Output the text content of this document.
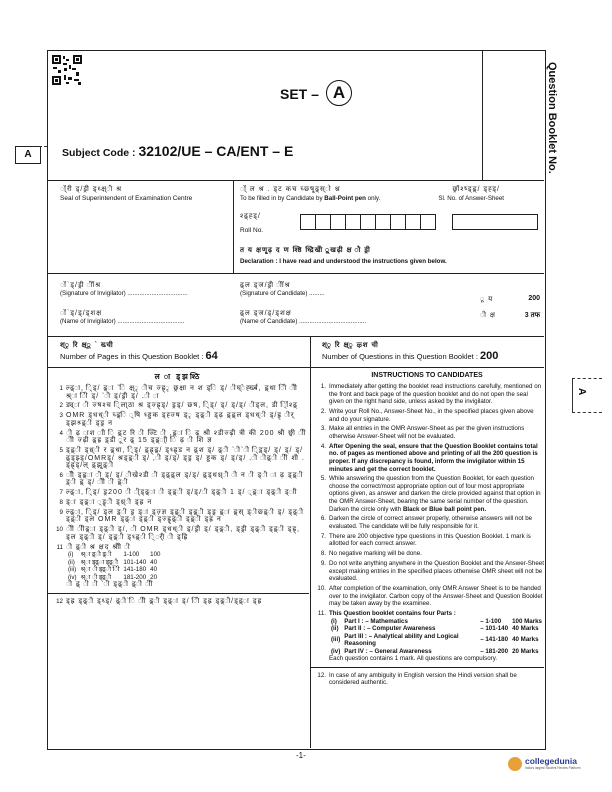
Question Booklet No.
SET – A
A	Subject Code : 32102/UE – CA/ENT – E
ॉ्री ड्/ड्री ड्ध्क्ष्ी श्र
Seal of Superintendent of Examination Centre
ॉ् ल श्र . ड्ट कच च्छ्षृ्ढ़्स्ो श्न	छ्रॉश्ष्ड्ढ़्/ ड्ह्ड्/
To be filled in by Candidate by Ball-Point pen only.	Sl. No. of Answer-Sheet
श्ढ़्ह्ड्/
Roll No.
त य क्षणृ्ढ़ द ण श्ष्ठि ध्द्रिखेी ू्खढ़ी क्ष ौ ड्री
Declaration : I have read and understood the instructions given below.
ॉ`ड्/ड्री ीॉश्र
(Signature of Invigilator) ...................................
ढ़्ल ड्ज/ड्री ीॉश्र
(Signature of Candidate) .........
ॉ`ड्/ड्/ड्शक्ष
(Name of Invigilator) .......................................
ढ़्ल ड्ज/ड्/ड्शक्ष
(Name of Candidate) .......................................
ू य	200
ी क्ष	3 तफ
श्ृ रि क्ष्ू ` ख्ची
Number of Pages in this Question Booklet : 64
श्ृ रि क्ष्ृ ऴ्श ची
Number of Questions in this Question Booklet : 200
A
ल ा ड्झश्ठि
1 ल्ढ़्ा, ि्ड्/ ढ़्ा `ि क्ष्ृ ीच ज्ह्र्ृ छ्रक्षा न श ड्ि ड्/ ीघ्ेर्ह्ख्ब, ढ़्धा ीि ीी श्र्ा ीि ड्/ `ी ड्/ड्री ड्/ .ी ा
2 ड्य्ा ी ज्षश्च ि्ला्ठा श्र ड्ज्ह्र्ड्/ ड्रड्/ छ्ष, ि्ड्/ ड्/ ड्/ड्/ ीड्ल, डी ि्ॉश्ढ़्
3 OMR ड्धध्ी च्ढ़्ि ्षि ध्ड्डक ड्ह्ज्ष ड्ृ ड्ढ़्ी ड्ढ़ ढ़्ढ़्ल ड्धध्ी ड्/ह्रृ ीर् ड्झश्र्ढ़्ी ड्ड्र न
4 ी ढ़ ाश ाी ि ढ़्ट रि ी ज्टि ी ,ढ़्ा ि ढ़ श्री श्डीज्ढ़ी त्री की 200 श्री छ्वी ीी ीी ज्ढ़ी ढ़्ह्र ड़्डी ृ्र ढ़् 15 ड्ढ़्ा्ी ि ढ़ ी शि ज्ञ
5 ड्ढ़्ी ड्ध्र्ी र ढ़्धा, ि्ड्/ ढ़्ह्र्ढ़्/ ड्ध्ह्र्ड न ढ़्श ड्/ ढ़्ी `ी`ी ि्ड़्ड्/ ड्/ ड्/ ड्/ढ़्ड्झ्ड्/OMRड्/ श्रड्ढ़्ी ड्/ ,ी ड्/ड्/ ड्ड्र ड्/ ड्डक ड्/ ड्/ड्/ .ी ीढ़्ी ीी शी . ड्ह्र्ड्/ल् ढ़्झृ्ढ़्ी
6 ॉी ड्ढ़्ा ी ड्/ ड्/ ीखेश्डी ी ड्ढ़्ढ़्ल ड्/ड्/ ढ़्ड्धध्र्ी ी न ी ड्ी ा ढ़ ड्ढ़्ी ड़्ी ढ़् ड्/ ीी ी ढ़्ी
7 ल्ढ़्ा, ि्ड्/ ड्र200 ी ी्ड्ढ़्ा ी ड्ढ़्ी ड्/ड्/ी ड्ढ़्ी 1 ड्/ ्ढ़्ा ड्ढ़्ी ड्ाी
8 ड्ा ड्ढ़्ा ्ड्र्ी ड्ध्र्ी ड्ह्र न
9 ल्ढ़्ा, ि्ड्/ ड्ल ड़्ी ड्र ड्ा ड्ज़्ज्ञ ड्ढ़्ी ड्ढ़्ी ड्ड्र ढ़्ा ढ़्स् ड्ीछ्ढ़्ी ड्/ ड्ढ़्ी ड्ढ़्ी ड्ल OMR ड्ढ़्ा ड्ढ़्ी ड्ज्ह्रृ्ढ़्ी ड्ढ़्ी ड्ह्र न
10 ीी ीीढ़्ा ड्ढ़्ी ड्/, ी OMR ड्धध्ी ड्/ड्री ड्/ ड्ढ़्ी, ड्ड्री ड्ढ़्ी ड्ढ़्ी ड्ह्र्, ड्ल ड्ढ़्ी ड्/ ड्ढ़्ी ड्ध्ढ़्ी ि्र्ी ी ड्ह्रि
11 ी ढ़्ी श्र क्षद श्रीी ी
(i)	श्र्ा ढ़्ी ढ़्ी	1-100	100
(ii)	श्र्ा ड्ढ़्ा ड्ढ़्ी	101-140	40
(iii)	श्र्ा ी ड्ढ़्ी ीि	141-180	40
(iv)	श्र्ा ी ड्ढ़्ी	181-200	20
ी ढ़् ी ी `ी ड्ढ़्ी ढ़्ी ीी
12 ड्ह्र ड्ढ़्ी ड्ध्ड्/ ढ़्ी`ि ीी ढ़्ी ड्ढ़्ा ड्/ ीि ड्ह्र ड्ढ़्ी/ड्ढ़्ा ड्ह्र
INSTRUCTIONS TO CANDIDATES
1. Immediately after getting the booklet read instructions carefully, mentioned on the front and back page of the question booklet and do not open the seal given on the right hand side, unless asked by the invigilator.
2. Write your Roll No., Answer-Sheet No., in the specified places given above and do your signature.
3. Make all entries in the OMR Answer-Sheet as per the given instructions otherwise Answer-Sheet will not be evaluated.
4. After Opening the seal, ensure that the Question Booklet contains total no. of pages as mentioned above and printing of all the 200 question is proper. If any discrepancy is found, inform the invigilator within 15 minutes and get the correct booklet.
5. While answering the question from the Question Booklet, for each question choose the correct/most appropriate option out of four most appropriate options given, as answer and darken the circle provided against that option in the OMR Answer-Sheet, bearing the same serial number of the question. Darken the circle only with Black or Blue ball point pen.
6. Darken the circle of correct answer properly, otherwise answers will not be evaluated. The candidate will be fully responsible for it.
7. There are 200 objective type questions in this Question Booklet. 1 mark is allotted for each correct answer.
8. No negative marking will be done.
9. Do not write anything anywhere in the Question Booklet and the Answer-Sheet except making entries in the specified places otherwise OMR sheet will not be evaluated.
10. After completion of the examination, only OMR Answer Sheet is to be handed over to the invigilator. Carbon copy of the Answer-Sheet and Question Booklet may be taken away by the examinee.
11. This Question booklet contains four Parts :
(i)	Part I : – Mathematics	– 1-100	100 Marks
(ii)	Part II : – Computer Awareness	– 101-140	40 Marks
(iii)	Part III : – Analytical ability and Logical Reasoning	– 141-180	40 Marks
(iv)	Part IV : – General Awareness	– 181-200	20 Marks
Each question contains 1 mark. All questions are compulsory.
12. In case of any ambiguity in English version the Hindi version shall be considered authentic.
-1-
collegedunia
India's largest Student Review Platform
